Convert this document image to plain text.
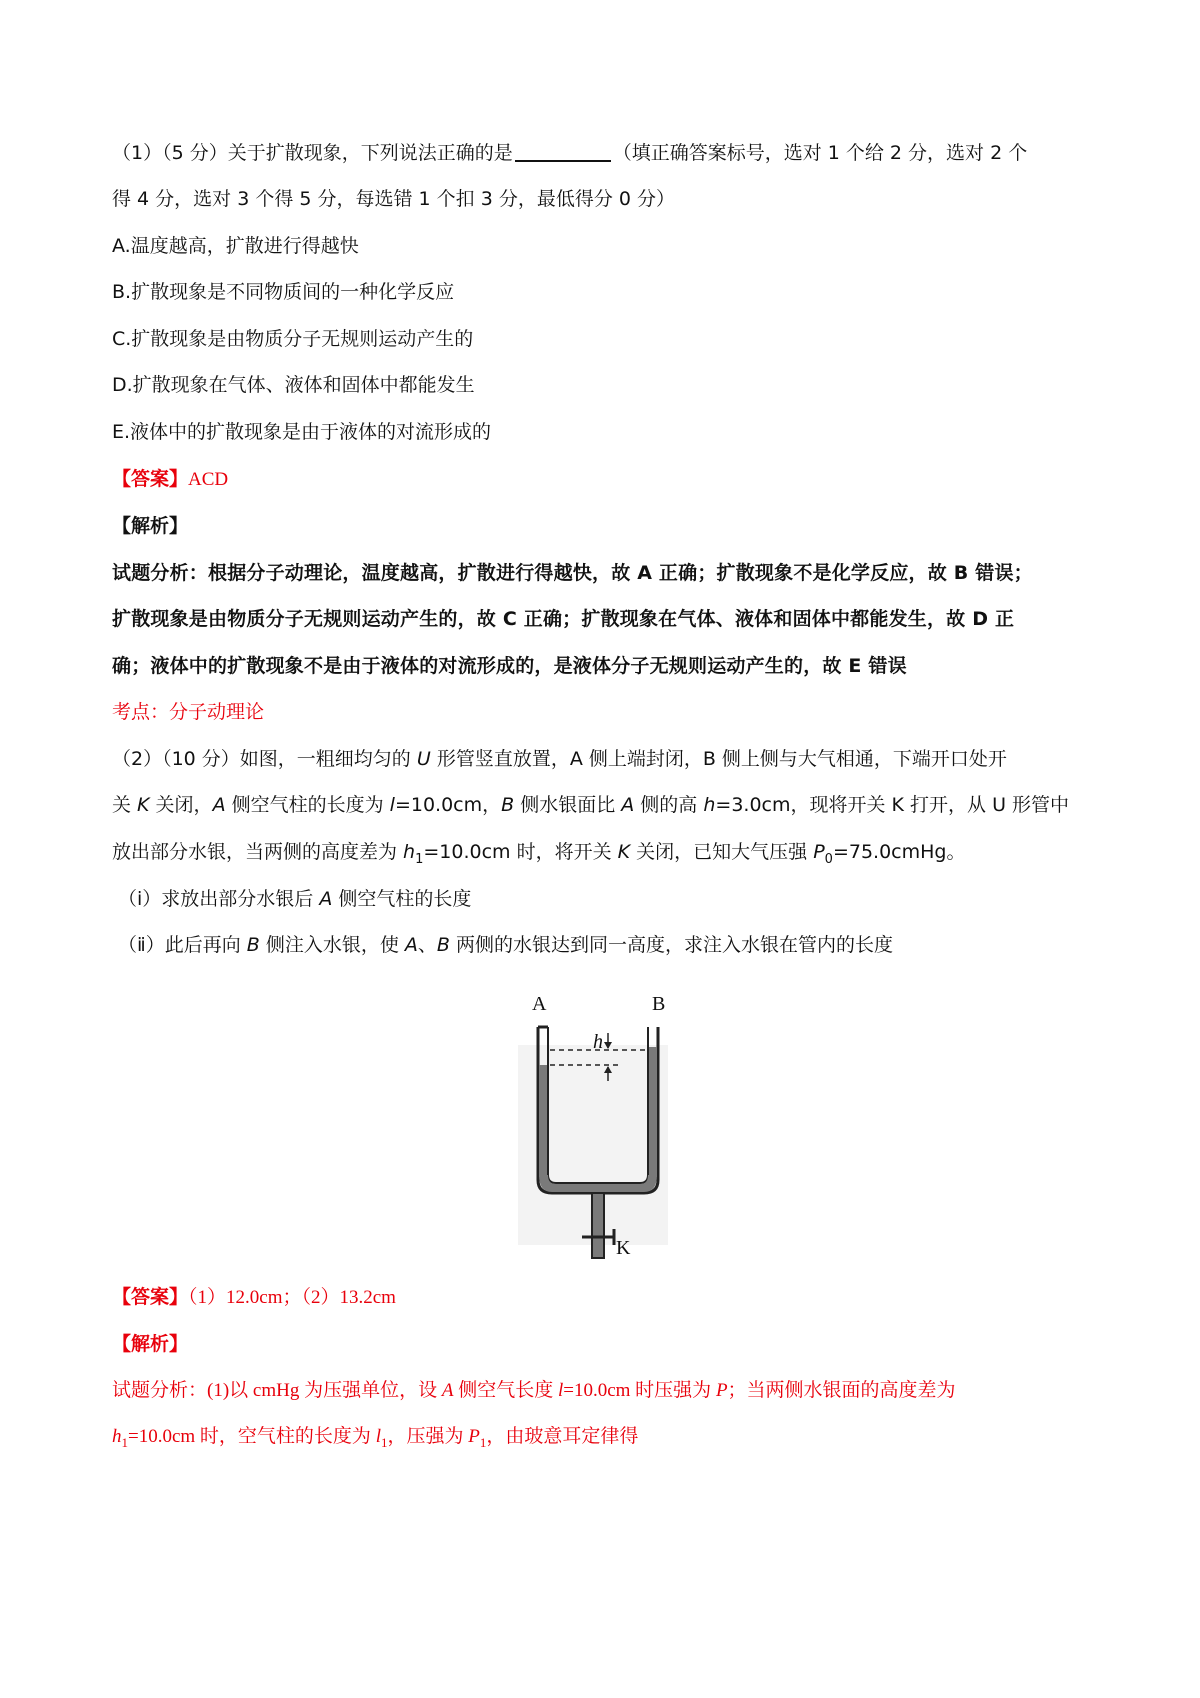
（1）（5 分）关于扩散现象，下列说法正确的是	（填正确答案标号，选对 1 个给 2 分，选对 2 个
得 4 分，选对 3 个得 5 分，每选错 1 个扣 3 分，最低得分 0 分）
A.温度越高，扩散进行得越快
B.扩散现象是不同物质间的一种化学反应
C.扩散现象是由物质分子无规则运动产生的
D.扩散现象在气体、液体和固体中都能发生
E.液体中的扩散现象是由于液体的对流形成的
【答案】ACD
【解析】
试题分析：根据分子动理论，温度越高，扩散进行得越快，故 A 正确；扩散现象不是化学反应，故 B 错误；
扩散现象是由物质分子无规则运动产生的，故 C 正确；扩散现象在气体、液体和固体中都能发生，故 D 正
确；液体中的扩散现象不是由于液体的对流形成的，是液体分子无规则运动产生的，故 E 错误
考点：分子动理论
（2）（10 分）如图，一粗细均匀的 U 形管竖直放置，A 侧上端封闭，B 侧上侧与大气相通，下端开口处开
关 K 关闭，A 侧空气柱的长度为 l=10.0cm，B 侧水银面比 A 侧的高 h=3.0cm，现将开关 K 打开，从 U 形管中
放出部分水银，当两侧的高度差为 $h_1=10.0cm$ 时，将开关 K 关闭，已知大气压强 $P_0=75.0cmHg$。
（ⅰ）求放出部分水银后 A 侧空气柱的长度
（ⅱ）此后再向 B 侧注入水银，使 A、B 两侧的水银达到同一高度，求注入水银在管内的长度
A	B
h
K
【答案】（1）12.0cm；（2）13.2cm
【解析】
试题分析：(1)以 cmHg 为压强单位，设 A 侧空气长度 l=10.0cm 时压强为 P；当两侧水银面的高度差为
$h_1=10.0cm$ 时，空气柱的长度为 $l_1$，压强为 $P_1$，由玻意耳定律得
